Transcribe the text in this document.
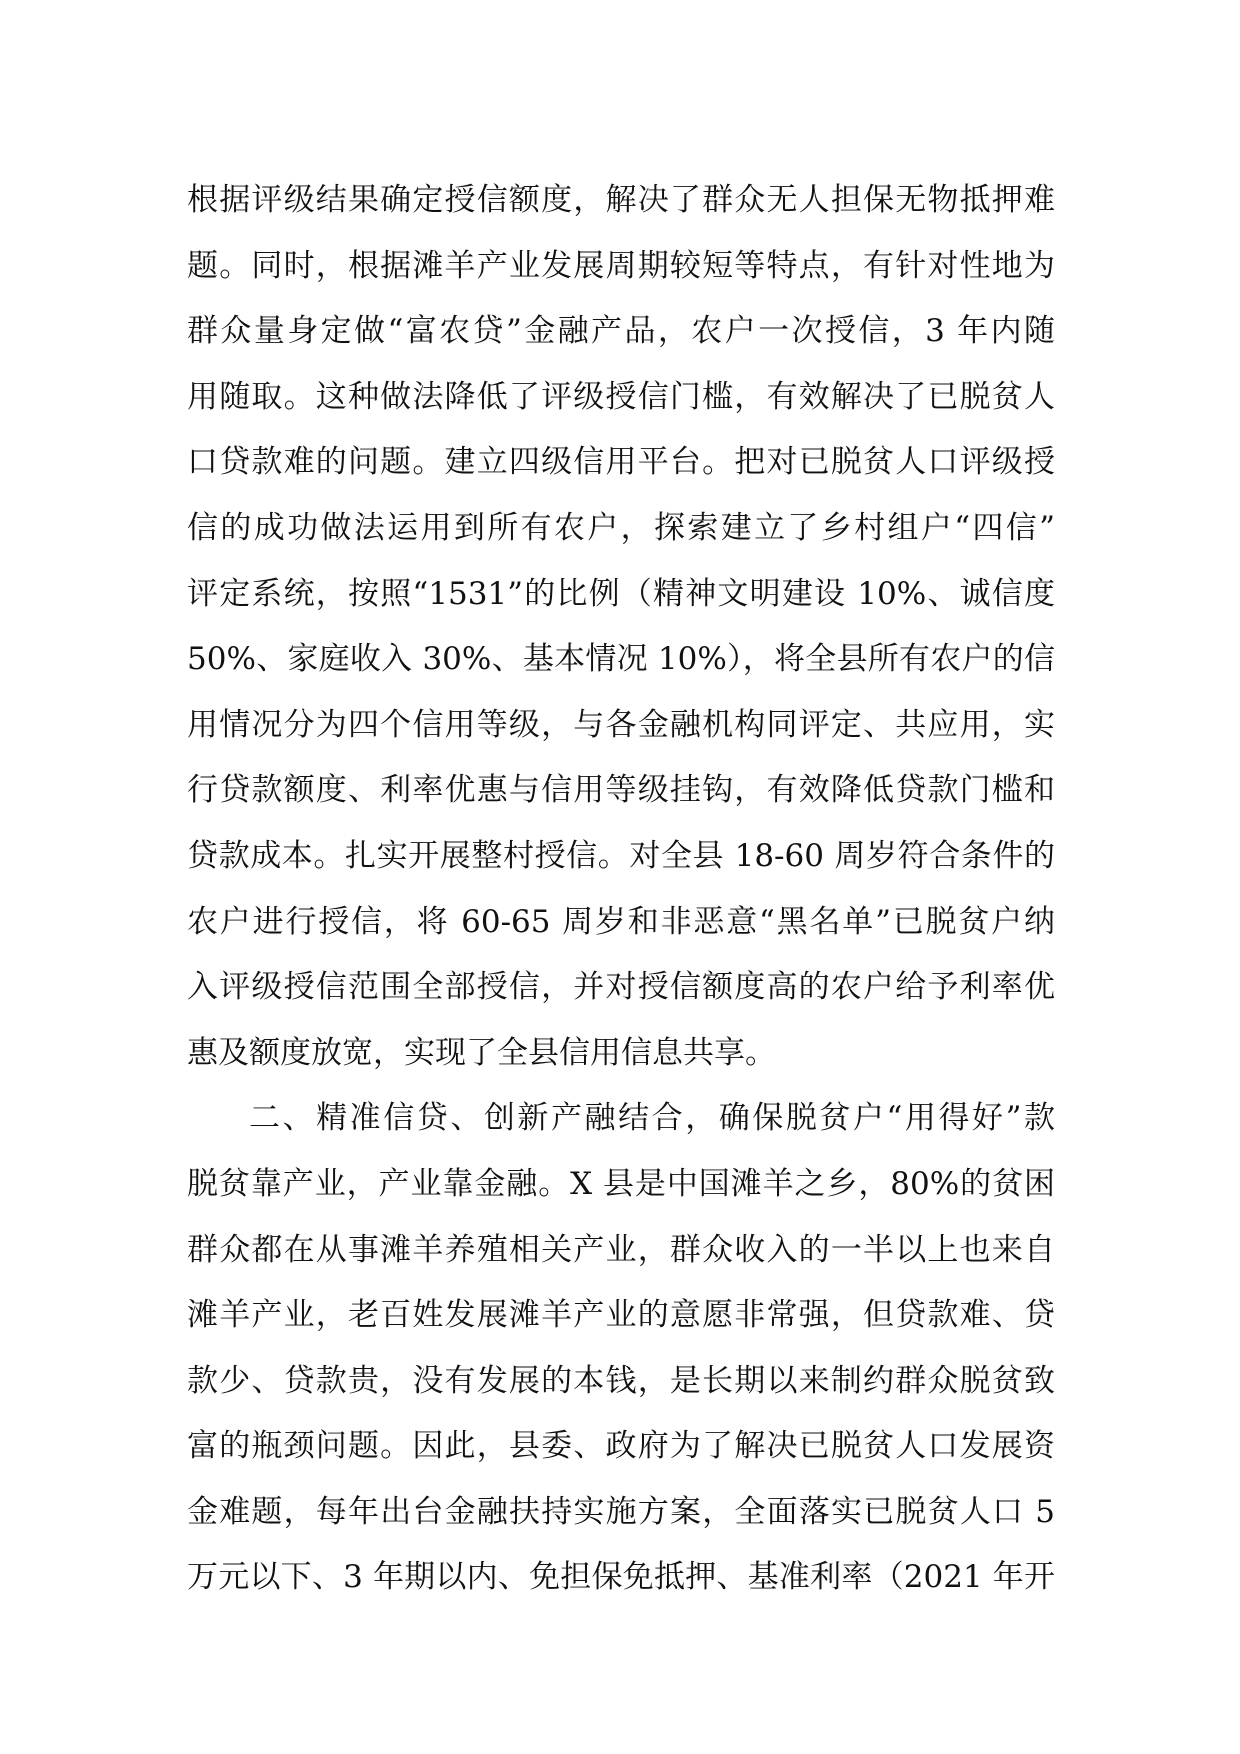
根据评级结果确定授信额度，解决了群众无人担保无物抵押难
题。同时，根据滩羊产业发展周期较短等特点，有针对性地为
群众量身定做“富农贷”金融产品，农户一次授信，3 年内随
用随取。这种做法降低了评级授信门槛，有效解决了已脱贫人
口贷款难的问题。建立四级信用平台。把对已脱贫人口评级授
信的成功做法运用到所有农户，探索建立了乡村组户“四信”
评定系统，按照“1531”的比例（精神文明建设 10%、诚信度
50%、家庭收入 30%、基本情况 10%），将全县所有农户的信
用情况分为四个信用等级，与各金融机构同评定、共应用，实
行贷款额度、利率优惠与信用等级挂钩，有效降低贷款门槛和
贷款成本。扎实开展整村授信。对全县 18-60 周岁符合条件的
农户进行授信，将 60-65 周岁和非恶意“黑名单”已脱贫户纳
入评级授信范围全部授信，并对授信额度高的农户给予利率优
惠及额度放宽，实现了全县信用信息共享。
二、精准信贷、创新产融结合，确保脱贫户“用得好”款
脱贫靠产业，产业靠金融。X 县是中国滩羊之乡，80%的贫困
群众都在从事滩羊养殖相关产业，群众收入的一半以上也来自
滩羊产业，老百姓发展滩羊产业的意愿非常强，但贷款难、贷
款少、贷款贵，没有发展的本钱，是长期以来制约群众脱贫致
富的瓶颈问题。因此，县委、政府为了解决已脱贫人口发展资
金难题，每年出台金融扶持实施方案，全面落实已脱贫人口 5
万元以下、3 年期以内、免担保免抵押、基准利率（2021 年开
